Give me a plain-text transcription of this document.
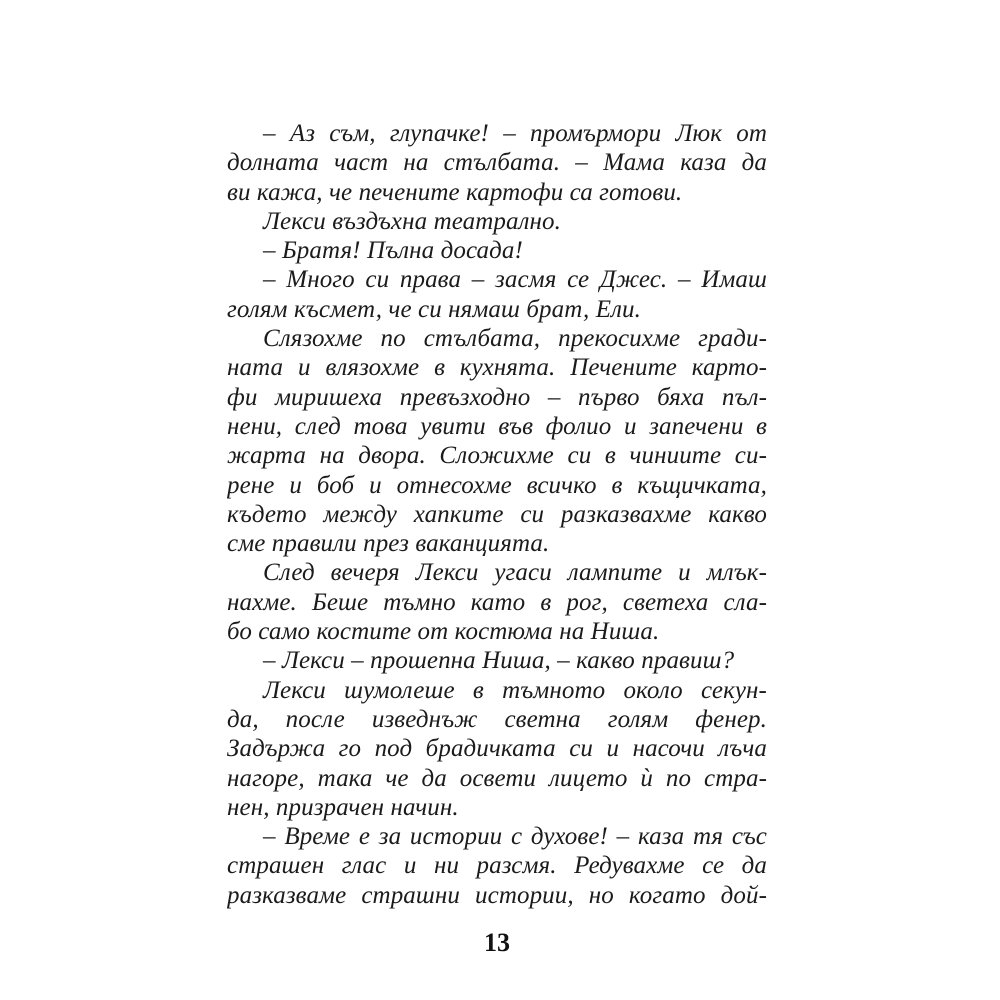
– Аз съм, глупачке! – промърмори Люк от
долната част на стълбата. – Мама каза да
ви кажа, че печените картофи са готови.
Лекси въздъхна театрално.
– Братя! Пълна досада!
– Много си права – засмя се Джес. – Имаш
голям късмет, че си нямаш брат, Ели.
Слязохме по стълбата, прекосихме гради-
ната и влязохме в кухнята. Печените карто-
фи миришеха превъзходно – първо бяха пъл-
нени, след това увити във фолио и запечени в
жарта на двора. Сложихме си в чиниите си-
рене и боб и отнесохме всичко в къщичката,
където между хапките си разказвахме какво
сме правили през ваканцията.
След вечеря Лекси угаси лампите и млък-
нахме. Беше тъмно като в рог, светеха сла-
бо само костите от костюма на Ниша.
– Лекси – прошепна Ниша, – какво правиш?
Лекси шумолеше в тъмното около секун-
да, после изведнъж светна голям фенер.
Задържа го под брадичката си и насочи лъча
нагоре, така че да освети лицето ѝ по стра-
нен, призрачен начин.
– Време е за истории с духове! – каза тя със
страшен глас и ни разсмя. Редувахме се да
разказваме страшни истории, но когато дой-
13
